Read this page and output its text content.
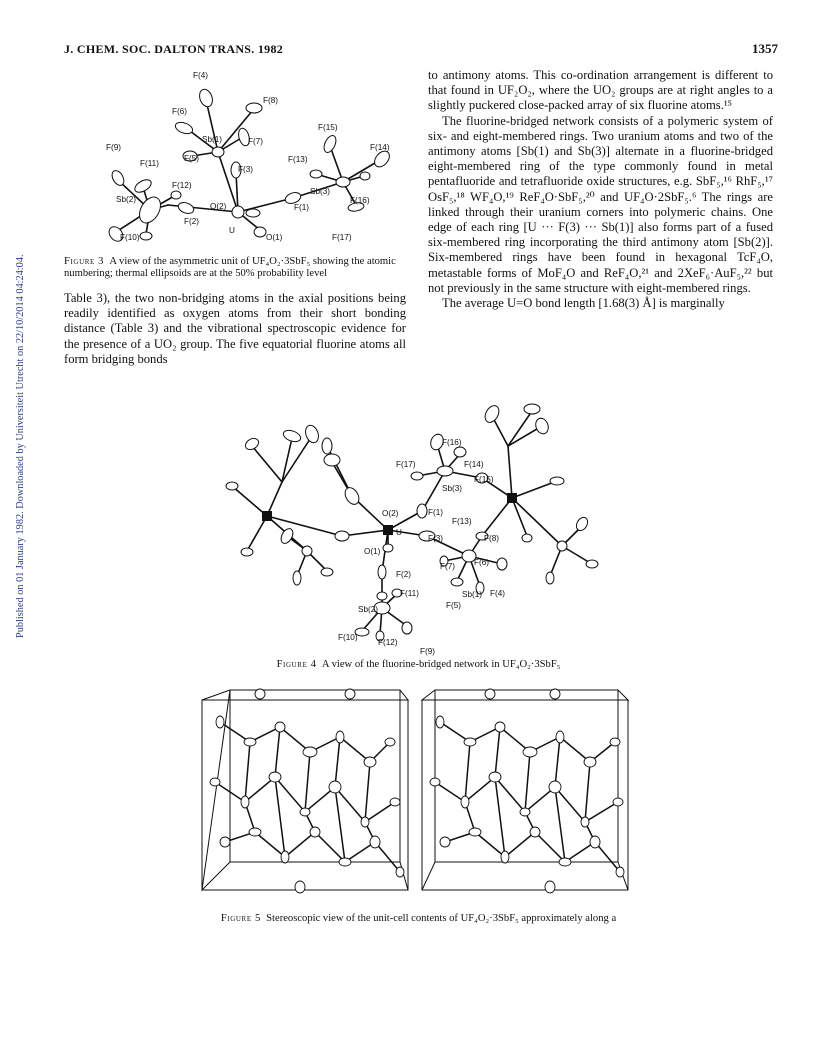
J. CHEM. SOC. DALTON TRANS. 1982	1357
Published on 01 January 1982. Downloaded by Universiteit Utrecht on 22/10/2014 04:24:04.
F(4)
F(8)
F(6)
Sb(1)	F(7)
F(15)
F(9)
F(5)
F(3)
F(13)
F(14)
F(11)
Sb(3)
F(12)
F(1)
F(16)
Sb(2)
O(2)
F(2)
U
F(10)	O(1)	F(17)
Figure 3 A view of the asymmetric unit of UF₄O₂·3SbF₅ showing the atomic numbering; thermal ellipsoids are at the 50% probability level

Table 3), the two non-bridging atoms in the axial positions being readily identified as oxygen atoms from their short bonding distance (Table 3) and the vibrational spectroscopic evidence for the presence of a UO₂ group. The five equatorial fluorine atoms all form bridging bonds

to antimony atoms. This co-ordination arrangement is different to that found in UF₂O₂, where the UO₂ groups are at right angles to a slightly puckered close-packed array of six fluorine atoms.¹⁵

The fluorine-bridged network consists of a polymeric system of six- and eight-membered rings. Two uranium atoms and two of the antimony atoms [Sb(1) and Sb(3)] alternate in a fluorine-bridged eight-membered ring of the type commonly found in metal pentafluoride and tetrafluoride oxide structures, e.g. SbF₅,¹⁶ RhF₅,¹⁷ OsF₅,¹⁸ WF₄O,¹⁹ ReF₄O·SbF₅,²⁰ and UF₄O·2SbF₅.⁶ The rings are linked through their uranium corners into polymeric chains. One edge of each ring [U ··· F(3) ··· Sb(1)] also forms part of a fused six-membered ring incorporating the third antimony atom [Sb(2)]. Six-membered rings have been found in hexagonal TcF₄O, metastable forms of MoF₄O and ReF₄O,²¹ and 2XeF₆·AuF₅,²² but not previously in the same structure with eight-membered rings.

The average U=O bond length [1.68(3) Å] is marginally

F(16)
F(17)	F(14)
Sb(3)
F(15)
O(2)	F(1)
F(13)
U
F(3)	F(8)
O(1)
F(7) F(6)
F(2)
F(11)	Sb(1) F(4)
F(5)
Sb(2)
F(10)
F(12)
F(9)
Figure 4 A view of the fluorine-bridged network in UF₄O₂·3SbF₅
Figure 5 Stereoscopic view of the unit-cell contents of UF₄O₂·3SbF₅ approximately along a
